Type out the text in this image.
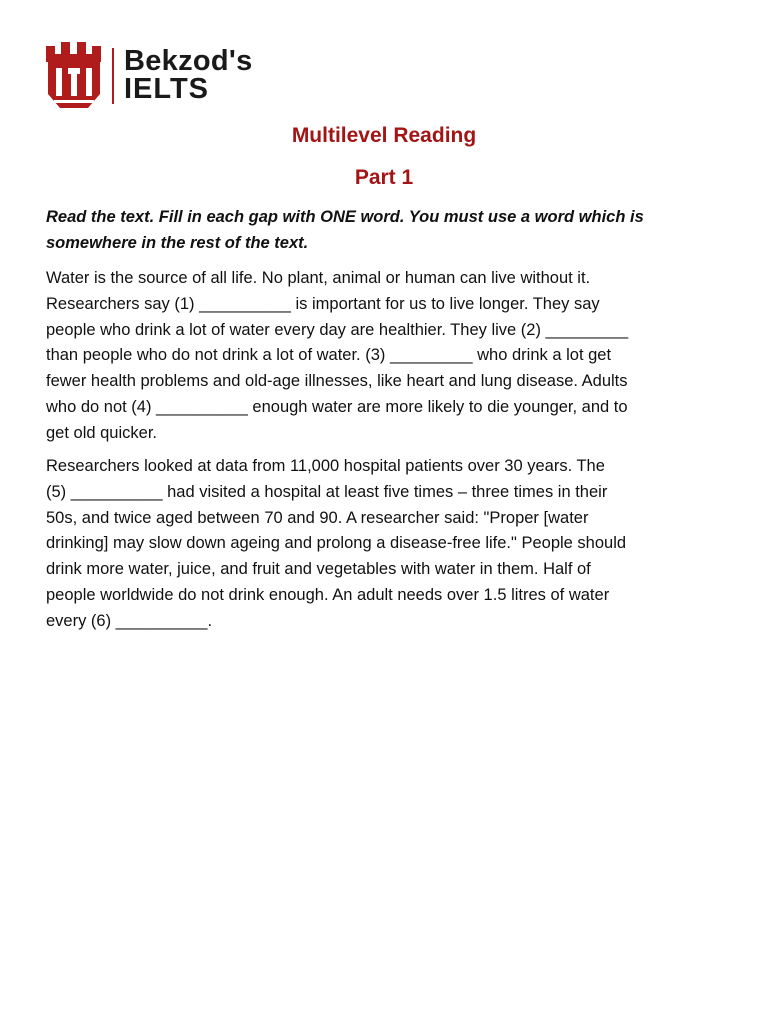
Bekzod's
IELTS
Multilevel Reading
Part 1
Read the text. Fill in each gap with ONE word. You must use a word which is
somewhere in the rest of the text.
Water is the source of all life. No plant, animal or human can live without it.
Researchers say (1) __________ is important for us to live longer. They say
people who drink a lot of water every day are healthier. They live (2) _________
than people who do not drink a lot of water. (3) _________ who drink a lot get
fewer health problems and old-age illnesses, like heart and lung disease. Adults
who do not (4) __________ enough water are more likely to die younger, and to
get old quicker.
Researchers looked at data from 11,000 hospital patients over 30 years. The
(5) __________ had visited a hospital at least five times – three times in their
50s, and twice aged between 70 and 90. A researcher said: "Proper [water
drinking] may slow down ageing and prolong a disease-free life." People should
drink more water, juice, and fruit and vegetables with water in them. Half of
people worldwide do not drink enough. An adult needs over 1.5 litres of water
every (6) __________.
